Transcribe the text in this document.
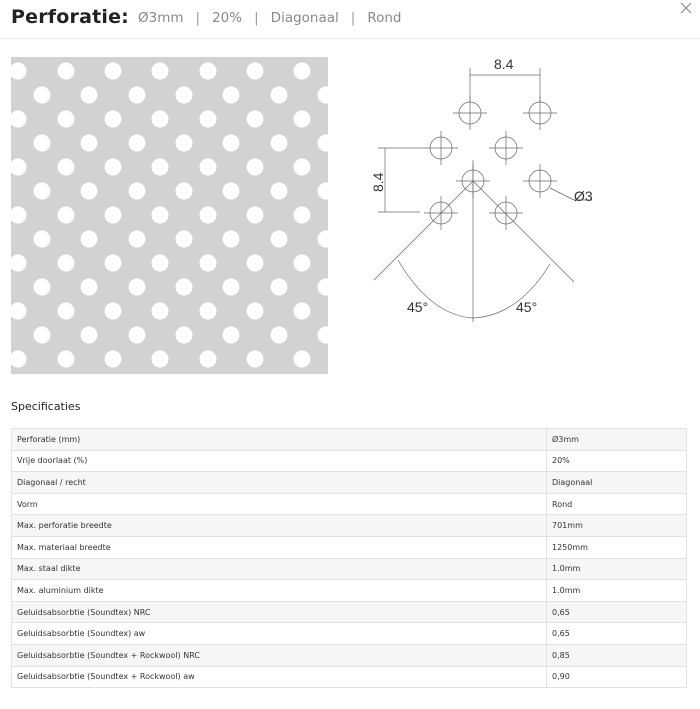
Perforatie: Ø3mm | 20% | Diagonaal | Rond
8.4
8.4
Ø3
45°	45°
Specificaties
Perforatie (mm)	Ø3mm
Vrije doorlaat (%)	20%
Diagonaal / recht	Diagonaal
Vorm	Rond
Max. perforatie breedte	701mm
Max. materiaal breedte	1250mm
Max. staal dikte	1.0mm
Max. aluminium dikte	1.0mm
Geluidsabsorbtie (Soundtex) NRC	0,65
Geluidsabsorbtie (Soundtex) aw	0,65
Geluidsabsorbtie (Soundtex + Rockwool) NRC	0,85
Geluidsabsorbtie (Soundtex + Rockwool) aw	0,90
